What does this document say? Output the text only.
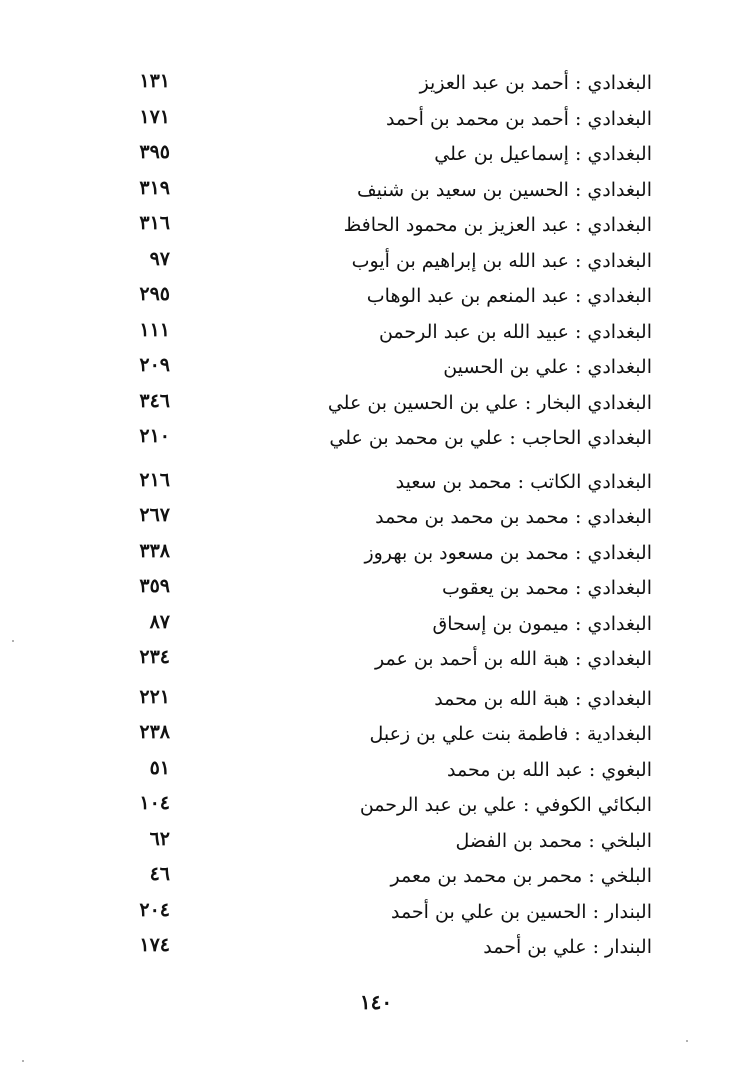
البغدادي : أحمد بن عبد العزيز
١٣١
البغدادي : أحمد بن محمد بن أحمد
١٧١
البغدادي : إسماعيل بن علي
٣٩٥
البغدادي : الحسين بن سعيد بن شنيف
٣١٩
البغدادي : عبد العزيز بن محمود الحافظ
٣١٦
البغدادي : عبد الله بن إبراهيم بن أيوب
٩٧
البغدادي : عبد المنعم بن عبد الوهاب
٢٩٥
البغدادي : عبيد الله بن عبد الرحمن
١١١
البغدادي : علي بن الحسين
٢٠٩
البغدادي البخار : علي بن الحسين بن علي
٣٤٦
البغدادي الحاجب : علي بن محمد بن علي
٢١٠
البغدادي الكاتب : محمد بن سعيد
٢١٦
البغدادي : محمد بن محمد بن محمد
٢٦٧
البغدادي : محمد بن مسعود بن بهروز
٣٣٨
البغدادي : محمد بن يعقوب
٣٥٩
البغدادي : ميمون بن إسحاق
٨٧
البغدادي : هبة الله بن أحمد بن عمر
٢٣٤
البغدادي : هبة الله بن محمد
٢٢١
البغدادية : فاطمة بنت علي بن زعبل
٢٣٨
البغوي : عبد الله بن محمد
٥١
البكائي الكوفي : علي بن عبد الرحمن
١٠٤
البلخي : محمد بن الفضل
٦٢
البلخي : محمر بن محمد بن معمر
٤٦
البندار : الحسين بن علي بن أحمد
٢٠٤
البندار : علي بن أحمد
١٧٤
١٤٠
